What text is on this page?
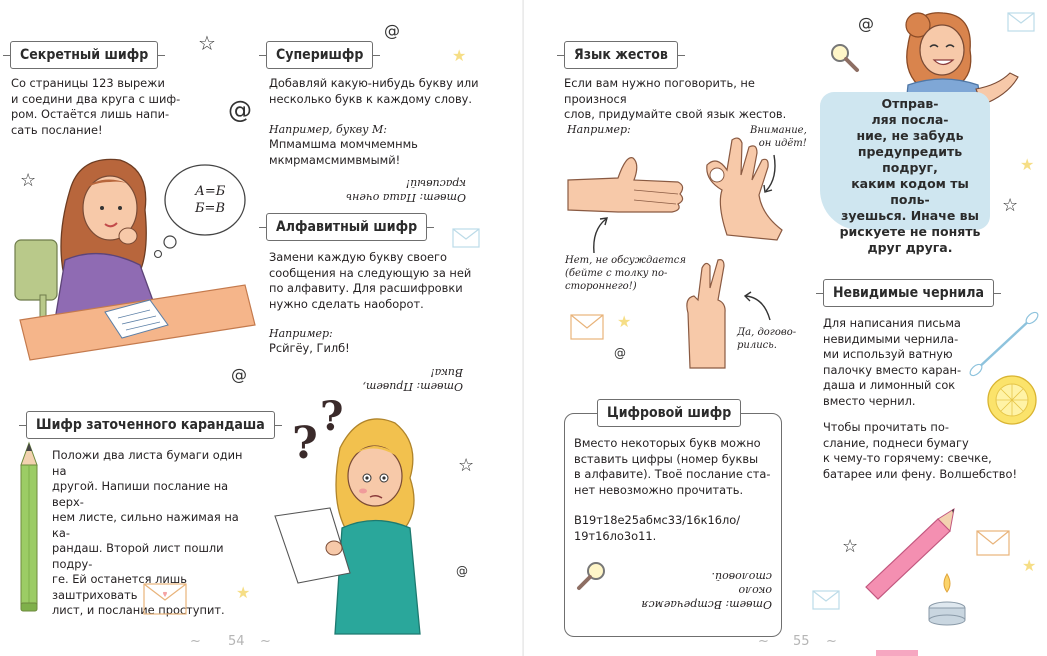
Секретный шифр
Со страницы 123 вырежи
и соедини два круга с шиф-
ром. Остаётся лишь напи-
сать послание!
А=Б
Б=В
Суперишфр
Добавляй какую-нибудь букву или
несколько букв к каждому слову.
Например, букву М:
Мпмамшма момчмемнмь
мкмрмамсмимвмымй!
Ответ: Паша очень красивый!
Алфавитный шифр
Замени каждую букву своего
сообщения на следующую за ней
по алфавиту. Для расшифровки
нужно сделать наоборот.
Например:
Рсйгёу, Гилб!
Ответ: Привет, Вика!
Шифр заточенного карандаша
Положи два листа бумаги один на
другой. Напиши послание на верх-
нем листе, сильно нажимая на ка-
рандаш. Второй лист пошли подру-
ге. Ей останется лишь заштриховать
лист, и послание проступит.
?
?
☆
☆
☆
★
★
@
@
@
@
~ 54 ~
Язык жестов
Если вам нужно поговорить, не произнося
слов, придумайте свой язык жестов.
Например:	Внимание,
он идёт!
Нет, не обсуждается
(бейте с толку по-
стороннего!)
Да, догово-
рились.
Цифровой шифр
Вместо некоторых букв можно
вставить цифры (номер буквы
в алфавите). Твоё послание ста-
нет невозможно прочитать.
В19т18е25абмс33/16к16ло/
19т16ло3о11.
Ответ: Встречаемся около
столовой.
Отправ-
ляя посла-
ние, не забудь
предупредить подруг,
каким кодом ты поль-
зуешься. Иначе вы
рискуете не понять
друг друга.
Невидимые чернила
Для написания письма
невидимыми чернила-
ми используй ватную
палочку вместо каран-
даша и лимонный сок
вместо чернил.
Чтобы прочитать по-
слание, поднеси бумагу
к чему-то горячему: свечке,
батарее или фену. Волшебство!
☆
☆
★
★
★
@
@
~ 55 ~
